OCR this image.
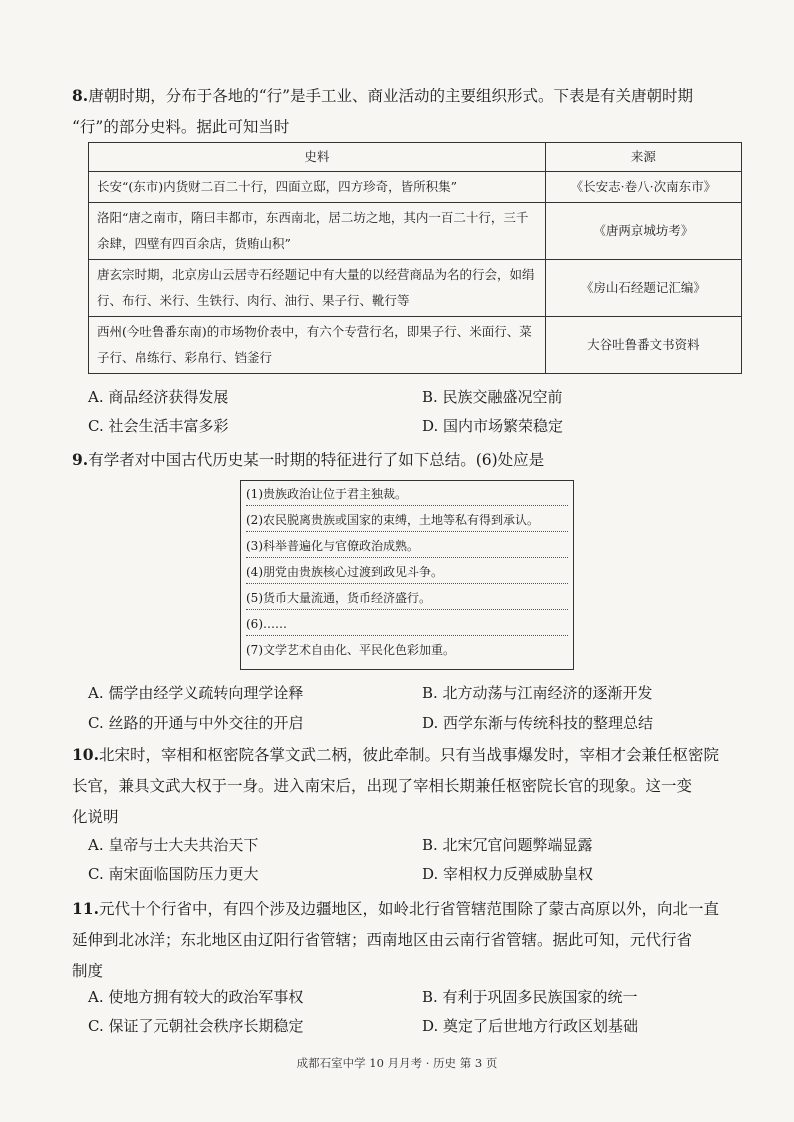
8.唐朝时期，分布于各地的“行”是手工业、商业活动的主要组织形式。下表是有关唐朝时期
“行”的部分史料。据此可知当时
史料	来源
长安“(东市)内货财二百二十行，四面立邸，四方珍奇，皆所积集”	《长安志·卷八·次南东市》
洛阳“唐之南市，隋曰丰都市，东西南北，居二坊之地，其内一百二十行，三千余肆，四壁有四百余店，货贿山积”	《唐两京城坊考》
唐玄宗时期，北京房山云居寺石经题记中有大量的以经营商品为名的行会，如绢行、布行、米行、生铁行、肉行、油行、果子行、靴行等	《房山石经题记汇编》
西州(今吐鲁番东南)的市场物价表中，有六个专营行名，即果子行、米面行、菜子行、帛练行、彩帛行、铛釜行	大谷吐鲁番文书资料
A. 商品经济获得发展	B. 民族交融盛况空前
C. 社会生活丰富多彩	D. 国内市场繁荣稳定
9.有学者对中国古代历史某一时期的特征进行了如下总结。(6)处应是
(1)贵族政治让位于君主独裁。
(2)农民脱离贵族或国家的束缚，土地等私有得到承认。
(3)科举普遍化与官僚政治成熟。
(4)朋党由贵族核心过渡到政见斗争。
(5)货币大量流通，货币经济盛行。
(6)……
(7)文学艺术自由化、平民化色彩加重。
A. 儒学由经学义疏转向理学诠释	B. 北方动荡与江南经济的逐渐开发
C. 丝路的开通与中外交往的开启	D. 西学东渐与传统科技的整理总结
10.北宋时，宰相和枢密院各掌文武二柄，彼此牵制。只有当战事爆发时，宰相才会兼任枢密院
长官，兼具文武大权于一身。进入南宋后，出现了宰相长期兼任枢密院长官的现象。这一变
化说明
A. 皇帝与士大夫共治天下	B. 北宋冗官问题弊端显露
C. 南宋面临国防压力更大	D. 宰相权力反弹威胁皇权
11.元代十个行省中，有四个涉及边疆地区，如岭北行省管辖范围除了蒙古高原以外，向北一直
延伸到北冰洋；东北地区由辽阳行省管辖；西南地区由云南行省管辖。据此可知，元代行省
制度
A. 使地方拥有较大的政治军事权	B. 有利于巩固多民族国家的统一
C. 保证了元朝社会秩序长期稳定	D. 奠定了后世地方行政区划基础
成都石室中学 10 月月考 · 历史 第 3 页
